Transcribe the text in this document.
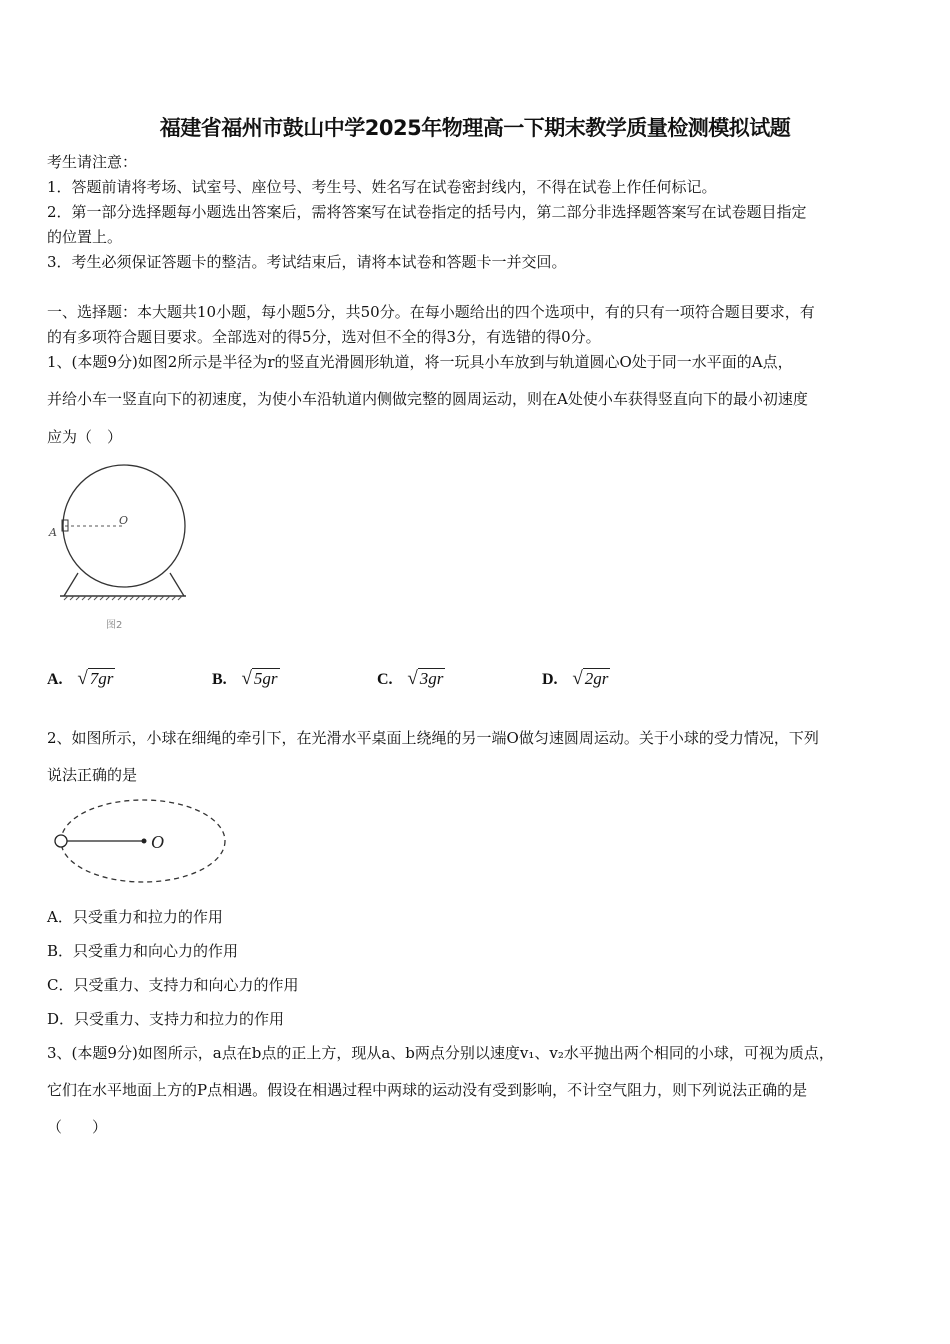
福建省福州市鼓山中学2025年物理高一下期末教学质量检测模拟试题
考生请注意：
1．答题前请将考场、试室号、座位号、考生号、姓名写在试卷密封线内，不得在试卷上作任何标记。
2．第一部分选择题每小题选出答案后，需将答案写在试卷指定的括号内，第二部分非选择题答案写在试卷题目指定
的位置上。
3．考生必须保证答题卡的整洁。考试结束后，请将本试卷和答题卡一并交回。
一、选择题：本大题共10小题，每小题5分，共50分。在每小题给出的四个选项中，有的只有一项符合题目要求，有
的有多项符合题目要求。全部选对的得5分，选对但不全的得3分，有选错的得0分。
1、(本题9分)如图2所示是半径为r的竖直光滑圆形轨道，将一玩具小车放到与轨道圆心O处于同一水平面的A点，
并给小车一竖直向下的初速度，为使小车沿轨道内侧做完整的圆周运动，则在A处使小车获得竖直向下的最小初速度
应为（　）
A
O
图2
A. √ 7gr	B. √ 5gr	C. √ 3gr	D. √ 2gr
2、如图所示，小球在细绳的牵引下，在光滑水平桌面上绕绳的另一端O做匀速圆周运动。关于小球的受力情况，下列
说法正确的是
O
A．只受重力和拉力的作用
B．只受重力和向心力的作用
C．只受重力、支持力和向心力的作用
D．只受重力、支持力和拉力的作用
3、(本题9分)如图所示，a点在b点的正上方，现从a、b两点分别以速度v₁、v₂水平抛出两个相同的小球，可视为质点，
它们在水平地面上方的P点相遇。假设在相遇过程中两球的运动没有受到影响，不计空气阻力，则下列说法正确的是
（　　）
